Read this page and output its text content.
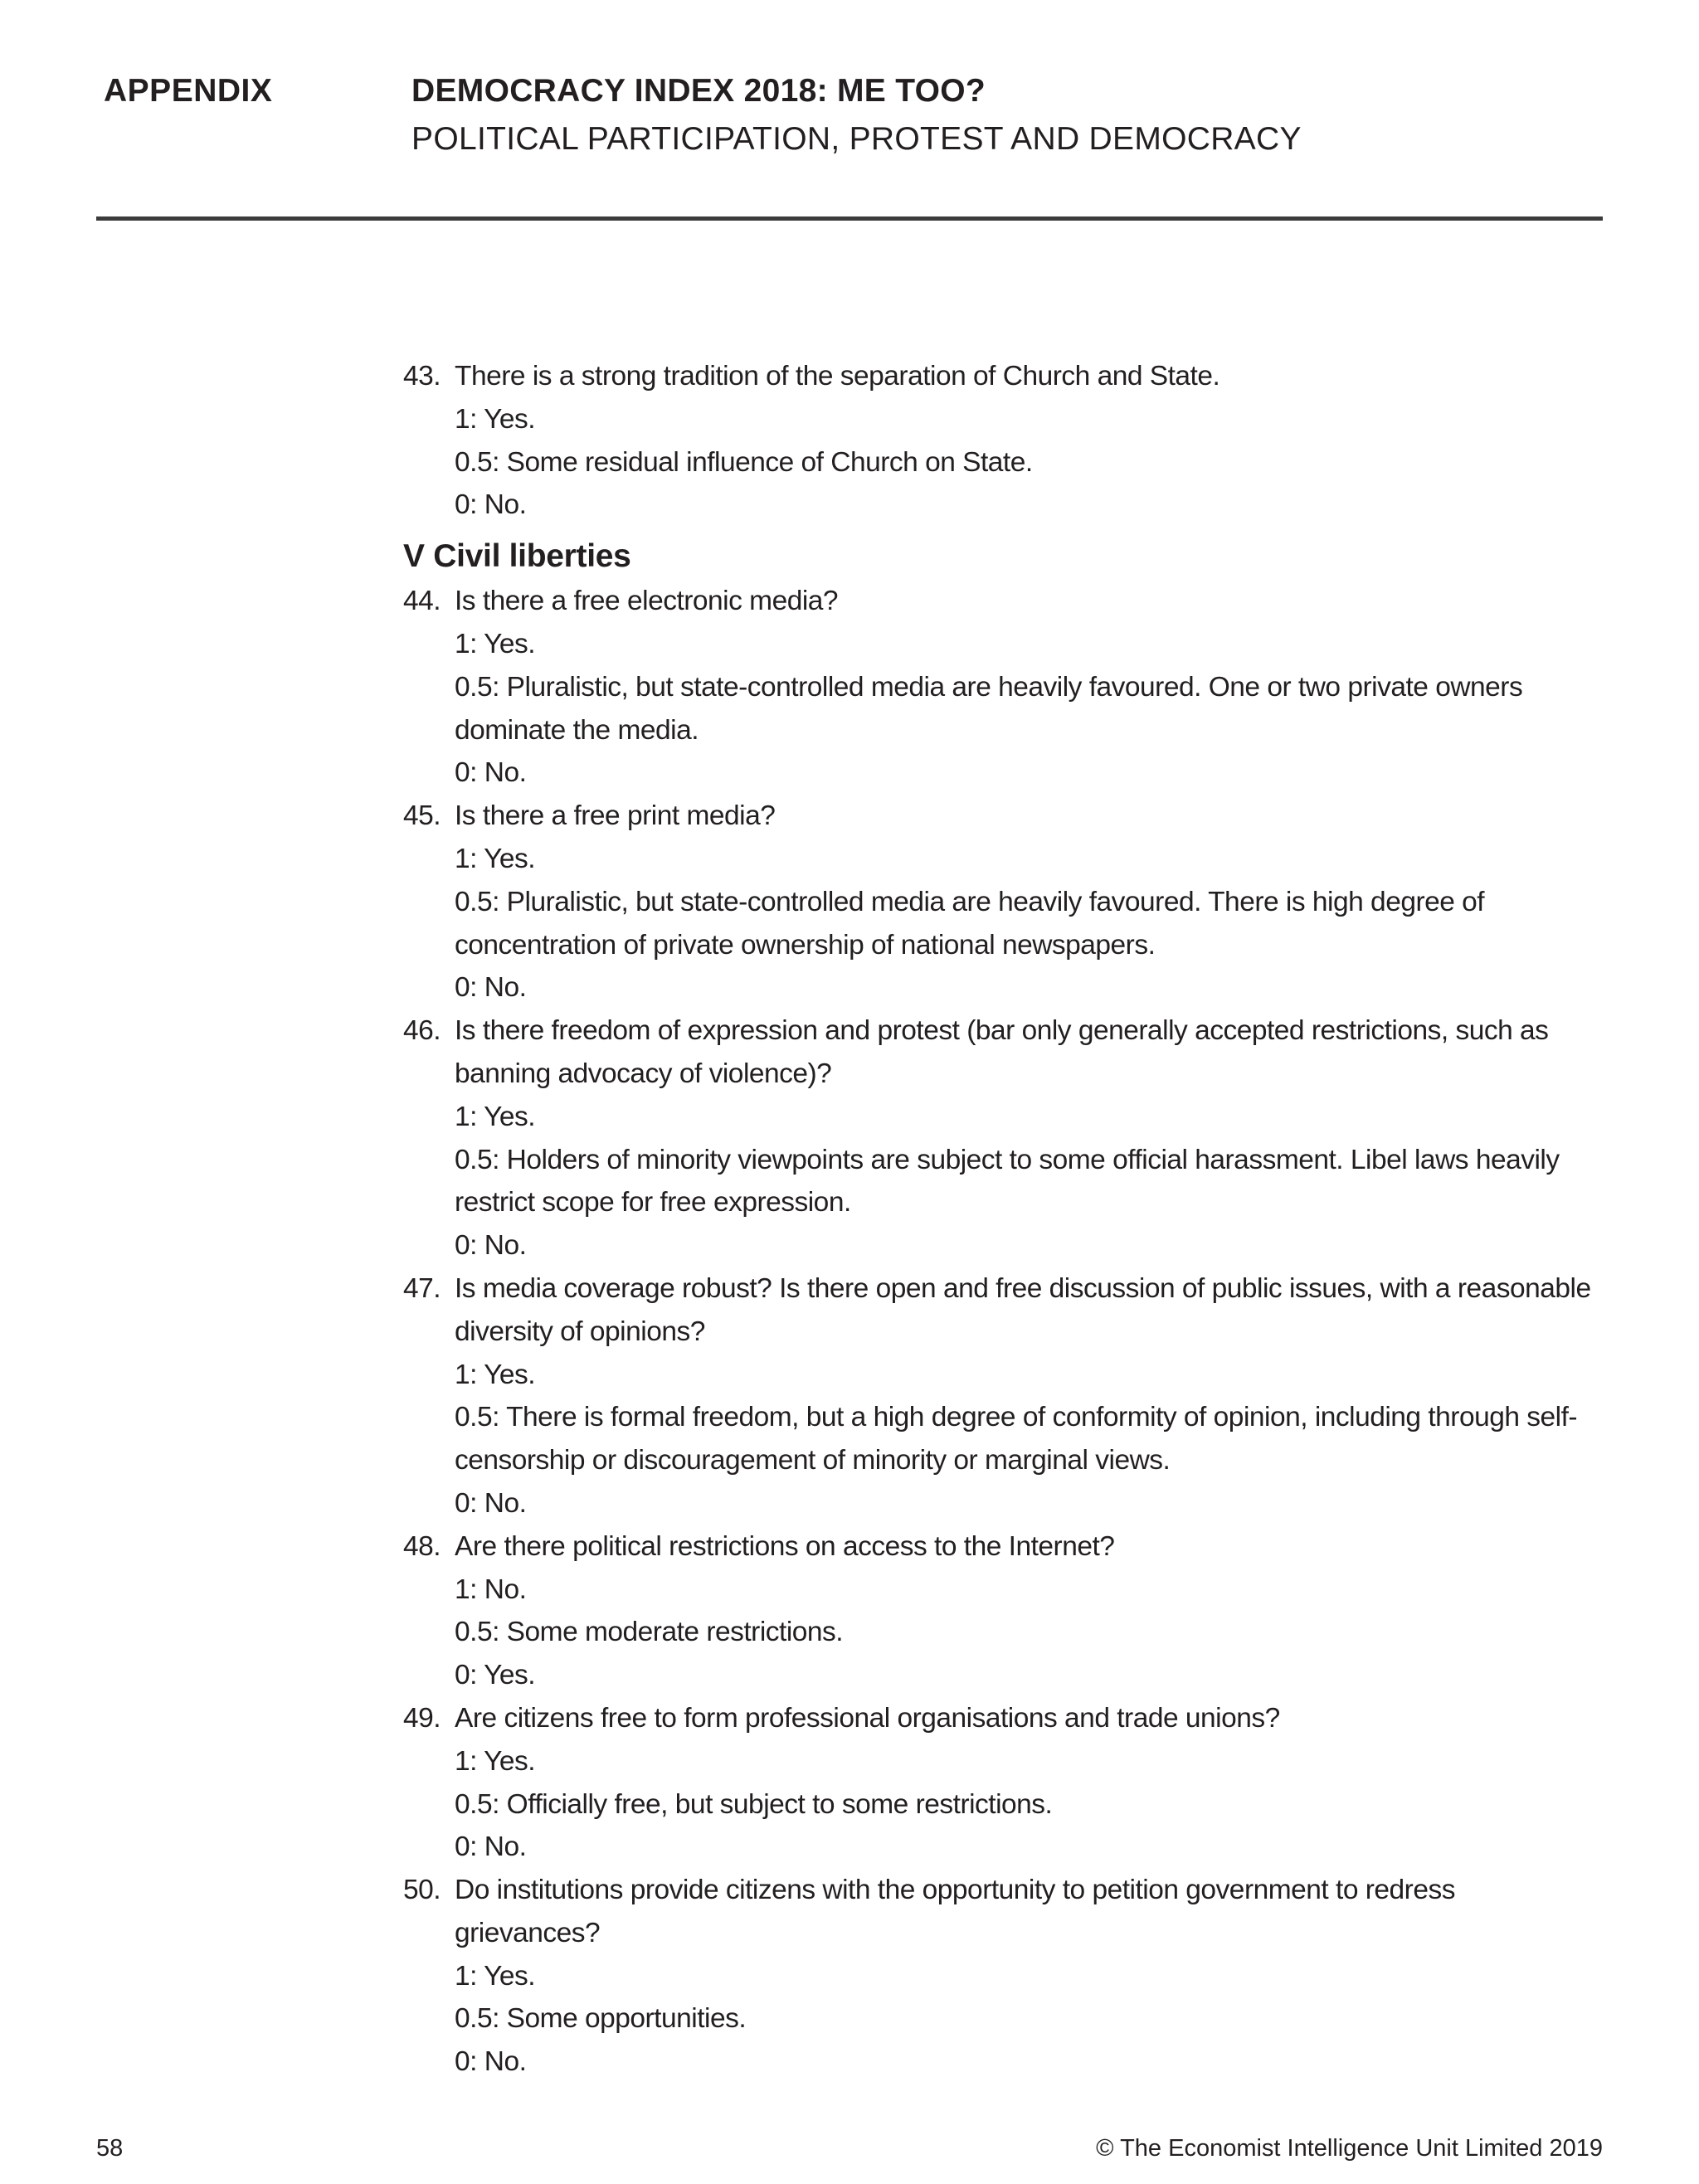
APPENDIX	DEMOCRACY INDEX 2018: ME TOO?
POLITICAL PARTICIPATION, PROTEST AND DEMOCRACY
43. There is a strong tradition of the separation of Church and State.
1: Yes.
0.5: Some residual influence of Church on State.
0: No.
V Civil liberties
44. Is there a free electronic media?
1: Yes.
0.5: Pluralistic, but state-controlled media are heavily favoured. One or two private owners dominate the media.
0: No.
45. Is there a free print media?
1: Yes.
0.5: Pluralistic, but state-controlled media are heavily favoured. There is high degree of concentration of private ownership of national newspapers.
0: No.
46. Is there freedom of expression and protest (bar only generally accepted restrictions, such as banning advocacy of violence)?
1: Yes.
0.5: Holders of minority viewpoints are subject to some official harassment. Libel laws heavily restrict scope for free expression.
0: No.
47. Is media coverage robust? Is there open and free discussion of public issues, with a reasonable diversity of opinions?
1: Yes.
0.5: There is formal freedom, but a high degree of conformity of opinion, including through self-censorship or discouragement of minority or marginal views.
0: No.
48. Are there political restrictions on access to the Internet?
1: No.
0.5: Some moderate restrictions.
0: Yes.
49. Are citizens free to form professional organisations and trade unions?
1: Yes.
0.5: Officially free, but subject to some restrictions.
0: No.
50. Do institutions provide citizens with the opportunity to petition government to redress grievances?
1: Yes.
0.5: Some opportunities.
0: No.
58	© The Economist Intelligence Unit Limited 2019
